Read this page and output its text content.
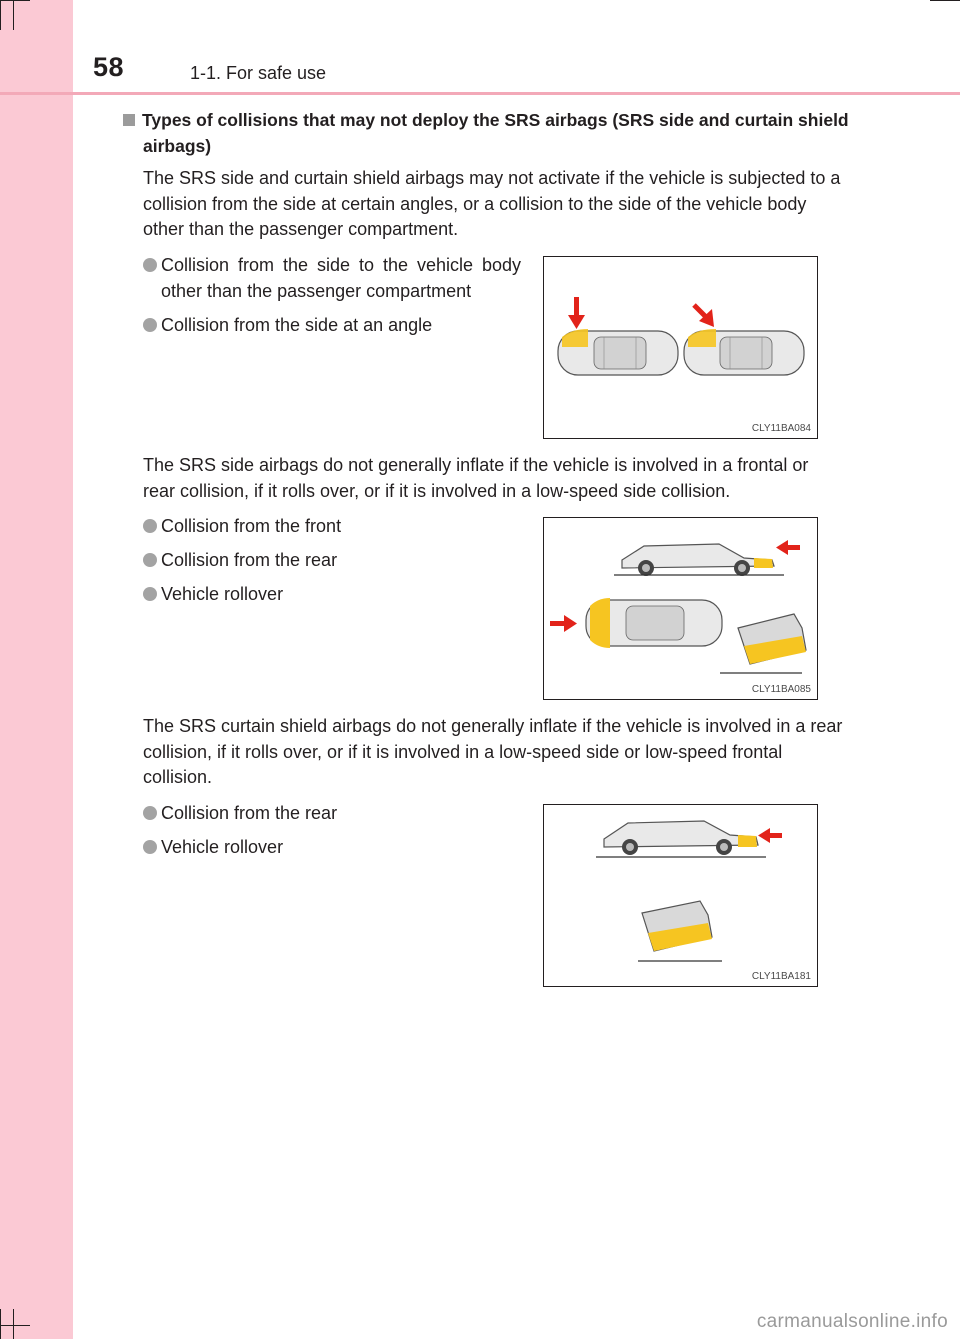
58	1-1. For safe use
Types of collisions that may not deploy the SRS airbags (SRS side and curtain shield
airbags)
The SRS side and curtain shield airbags may not activate if the vehicle is subjected to a collision from the side at certain angles, or a collision to the side of the vehicle body other than the passenger compartment.
Collision from the side to the vehicle body other than the passenger compartment
Collision from the side at an angle
CLY11BA084
The SRS side airbags do not generally inflate if the vehicle is involved in a frontal or rear collision, if it rolls over, or if it is involved in a low-speed side collision.
Collision from the front
Collision from the rear
Vehicle rollover
CLY11BA085
The SRS curtain shield airbags do not generally inflate if the vehicle is involved in a rear collision, if it rolls over, or if it is involved in a low-speed side or low-speed frontal collision.
Collision from the rear
Vehicle rollover
CLY11BA181
carmanualsonline.info
